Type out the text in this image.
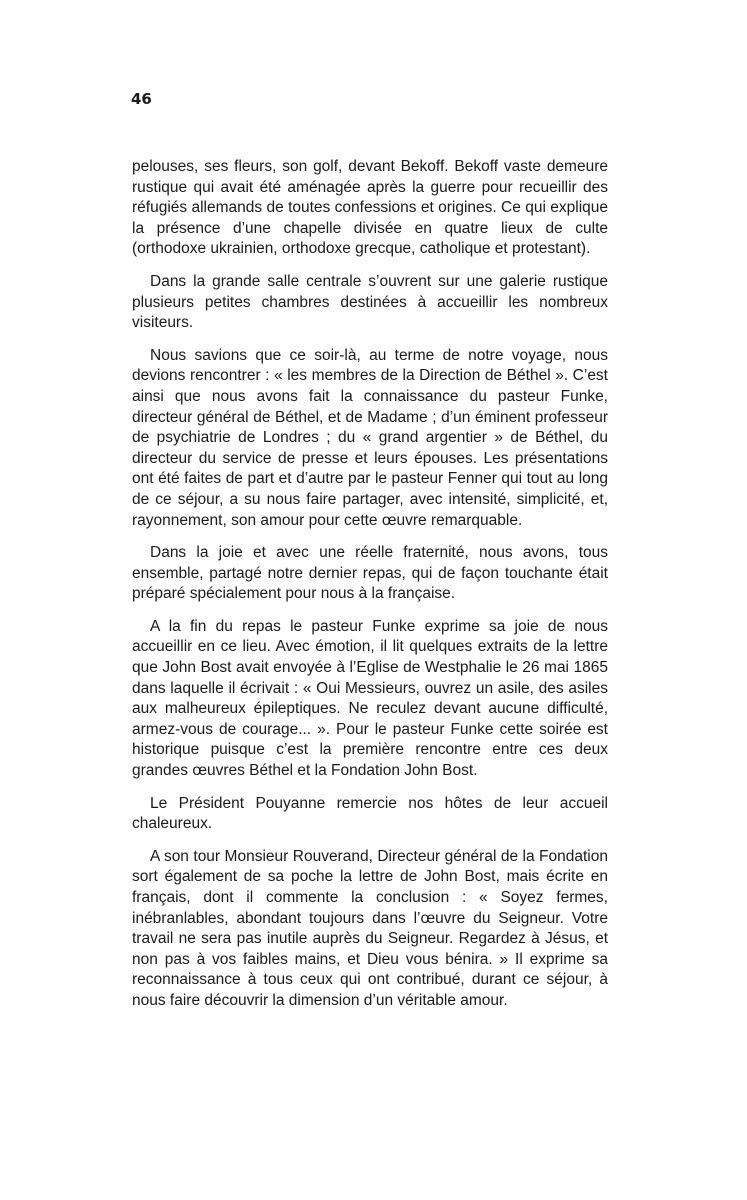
46

pelouses, ses fleurs, son golf, devant Bekoff. Bekoff vaste demeure rustique qui avait été aménagée après la guerre pour recueillir des réfugiés allemands de toutes confessions et origines. Ce qui explique la présence d’une chapelle divisée en quatre lieux de culte (orthodoxe ukrainien, orthodoxe grecque, catholique et protestant).

Dans la grande salle centrale s’ouvrent sur une galerie rustique plusieurs petites chambres destinées à accueillir les nombreux visiteurs.

Nous savions que ce soir-là, au terme de notre voyage, nous devions rencontrer : « les membres de la Direction de Béthel ». C’est ainsi que nous avons fait la connaissance du pasteur Funke, directeur général de Béthel, et de Madame ; d’un éminent professeur de psychiatrie de Londres ; du « grand argentier » de Béthel, du directeur du service de presse et leurs épouses. Les présentations ont été faites de part et d’autre par le pasteur Fenner qui tout au long de ce séjour, a su nous faire partager, avec intensité, simplicité, et, rayonnement, son amour pour cette œuvre remarquable.

Dans la joie et avec une réelle fraternité, nous avons, tous ensemble, partagé notre dernier repas, qui de façon touchante était préparé spécialement pour nous à la française.

A la fin du repas le pasteur Funke exprime sa joie de nous accueillir en ce lieu. Avec émotion, il lit quelques extraits de la lettre que John Bost avait envoyée à l’Eglise de Westphalie le 26 mai 1865 dans laquelle il écrivait : « Oui Messieurs, ouvrez un asile, des asiles aux malheureux épileptiques. Ne reculez devant aucune difficulté, armez-vous de courage... ». Pour le pasteur Funke cette soirée est historique puisque c’est la première rencontre entre ces deux grandes œuvres Béthel et la Fondation John Bost.

Le Président Pouyanne remercie nos hôtes de leur accueil chaleureux.

A son tour Monsieur Rouverand, Directeur général de la Fondation sort également de sa poche la lettre de John Bost, mais écrite en français, dont il commente la conclusion : « Soyez fermes, inébranlables, abondant toujours dans l’œuvre du Seigneur. Votre travail ne sera pas inutile auprès du Seigneur. Regardez à Jésus, et non pas à vos faibles mains, et Dieu vous bénira. » Il exprime sa reconnaissance à tous ceux qui ont contribué, durant ce séjour, à nous faire découvrir la dimension d’un véritable amour.
